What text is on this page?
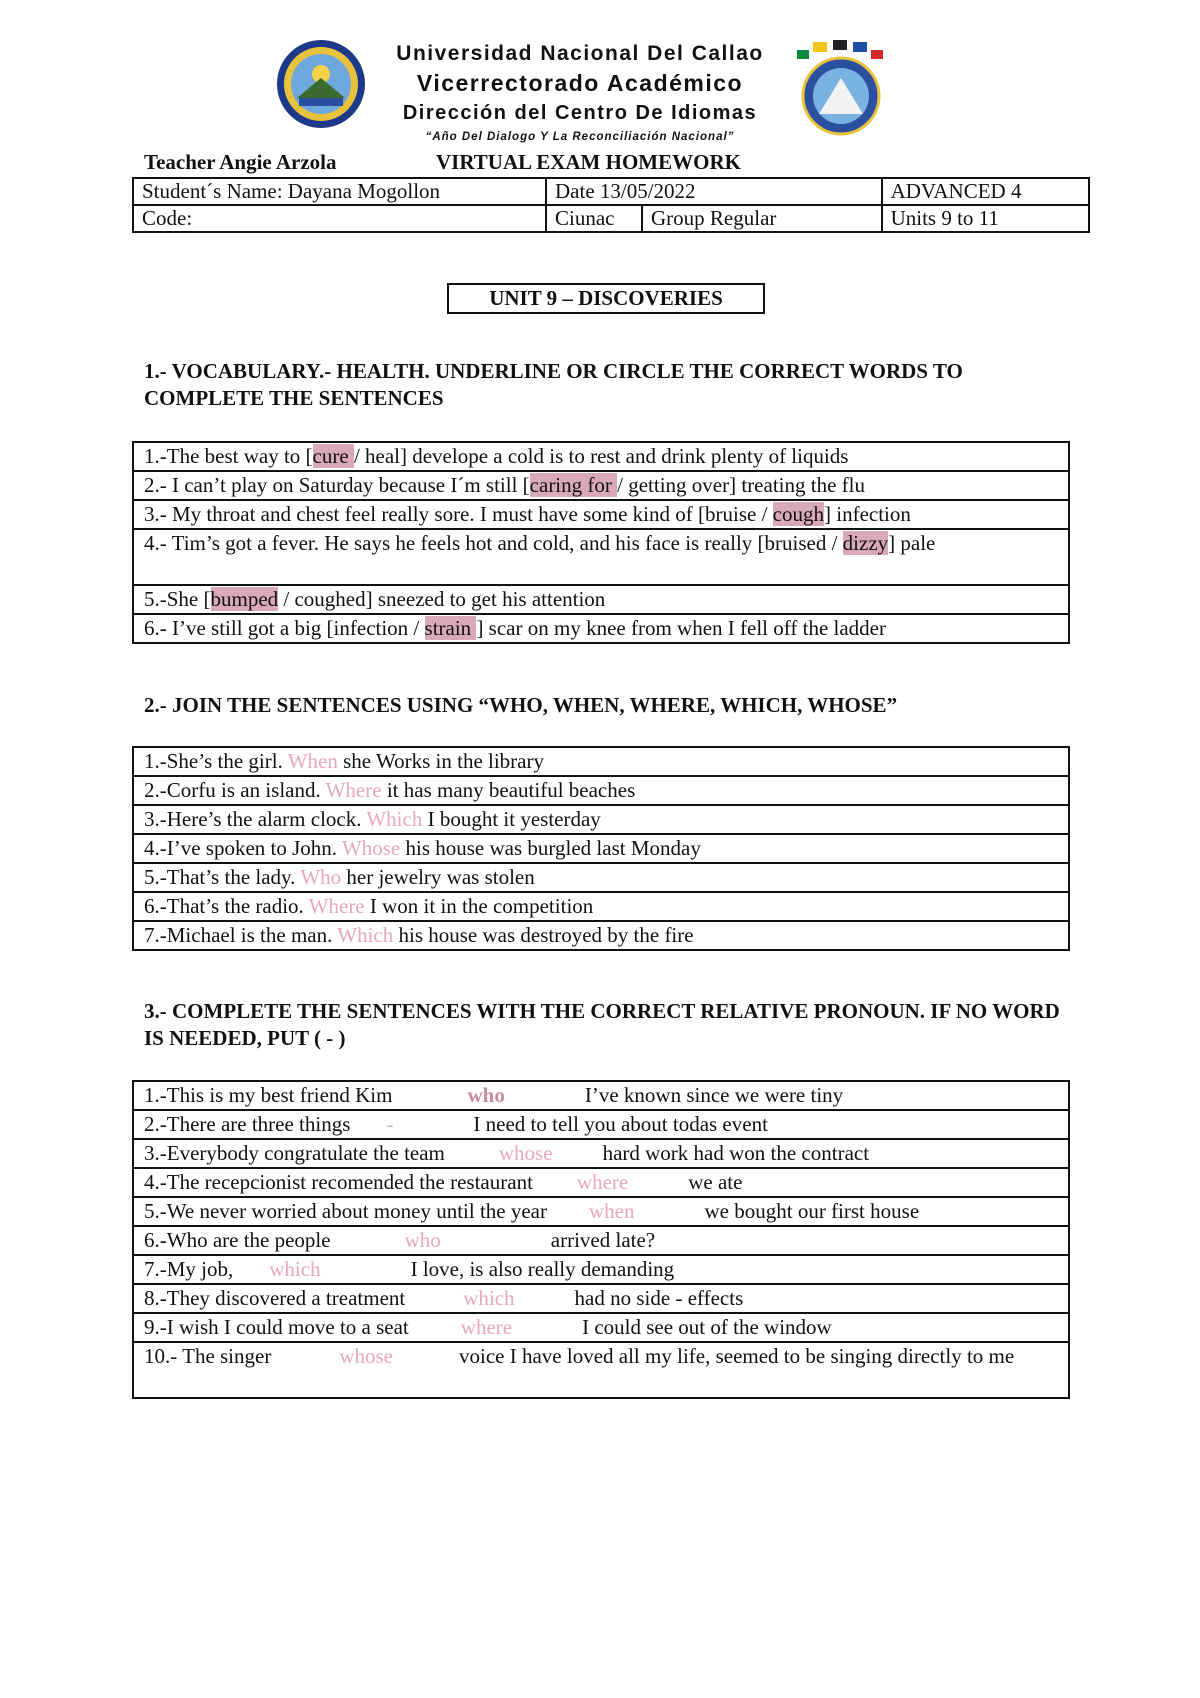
Universidad Nacional Del Callao
Vicerrectorado Académico
Dirección del Centro De Idiomas
“Año Del Dialogo Y La Reconciliación Nacional”
Teacher Angie Arzola	VIRTUAL EXAM HOMEWORK
Student´s Name: Dayana Mogollon	Date 13/05/2022		ADVANCED 4
Code:	Ciunac	Group Regular	Units 9 to 11
UNIT 9 – DISCOVERIES
1.- VOCABULARY.- HEALTH. UNDERLINE OR CIRCLE THE CORRECT WORDS TO COMPLETE THE SENTENCES
1.-The best way to [cure / heal] develope a cold is to rest and drink plenty of liquids
2.- I can’t play on Saturday because I´m still [caring for / getting over] treating the flu
3.- My throat and chest feel really sore. I must have some kind of [bruise / cough] infection
4.- Tim’s got a fever. He says he feels hot and cold, and his face is really [bruised / dizzy] pale
5.-She [bumped / coughed] sneezed to get his attention
6.- I’ve still got a big [infection / strain ] scar on my knee from when I fell off the ladder
2.- JOIN THE SENTENCES USING “WHO, WHEN, WHERE, WHICH, WHOSE”
1.-She’s the girl. When she Works in the library
2.-Corfu is an island. Where it has many beautiful beaches
3.-Here’s the alarm clock. Which I bought it yesterday
4.-I’ve spoken to John. Whose his house was burgled last Monday
5.-That’s the lady. Who her jewelry was stolen
6.-That’s the radio. Where I won it in the competition
7.-Michael is the man. Which his house was destroyed by the fire
3.- COMPLETE THE SENTENCES WITH THE CORRECT RELATIVE PRONOUN. IF NO WORD IS NEEDED, PUT ( - )
1.-This is my best friend Kim	who	I’ve known since we were tiny
2.-There are three things -	I need to tell you about todas event
3.-Everybody congratulate the team	whose hard work had won the contract
4.-The recepcionist recomended the restaurant where	we ate
5.-We never worried about money until the year when	we bought our first house
6.-Who are the people	who	arrived late?
7.-My job, which	I love, is also really demanding
8.-They discovered a treatment	which	had no side - effects
9.-I wish I could move to a seat where	I could see out of the window
10.- The singer	whose	voice I have loved all my life, seemed to be singing directly to me
